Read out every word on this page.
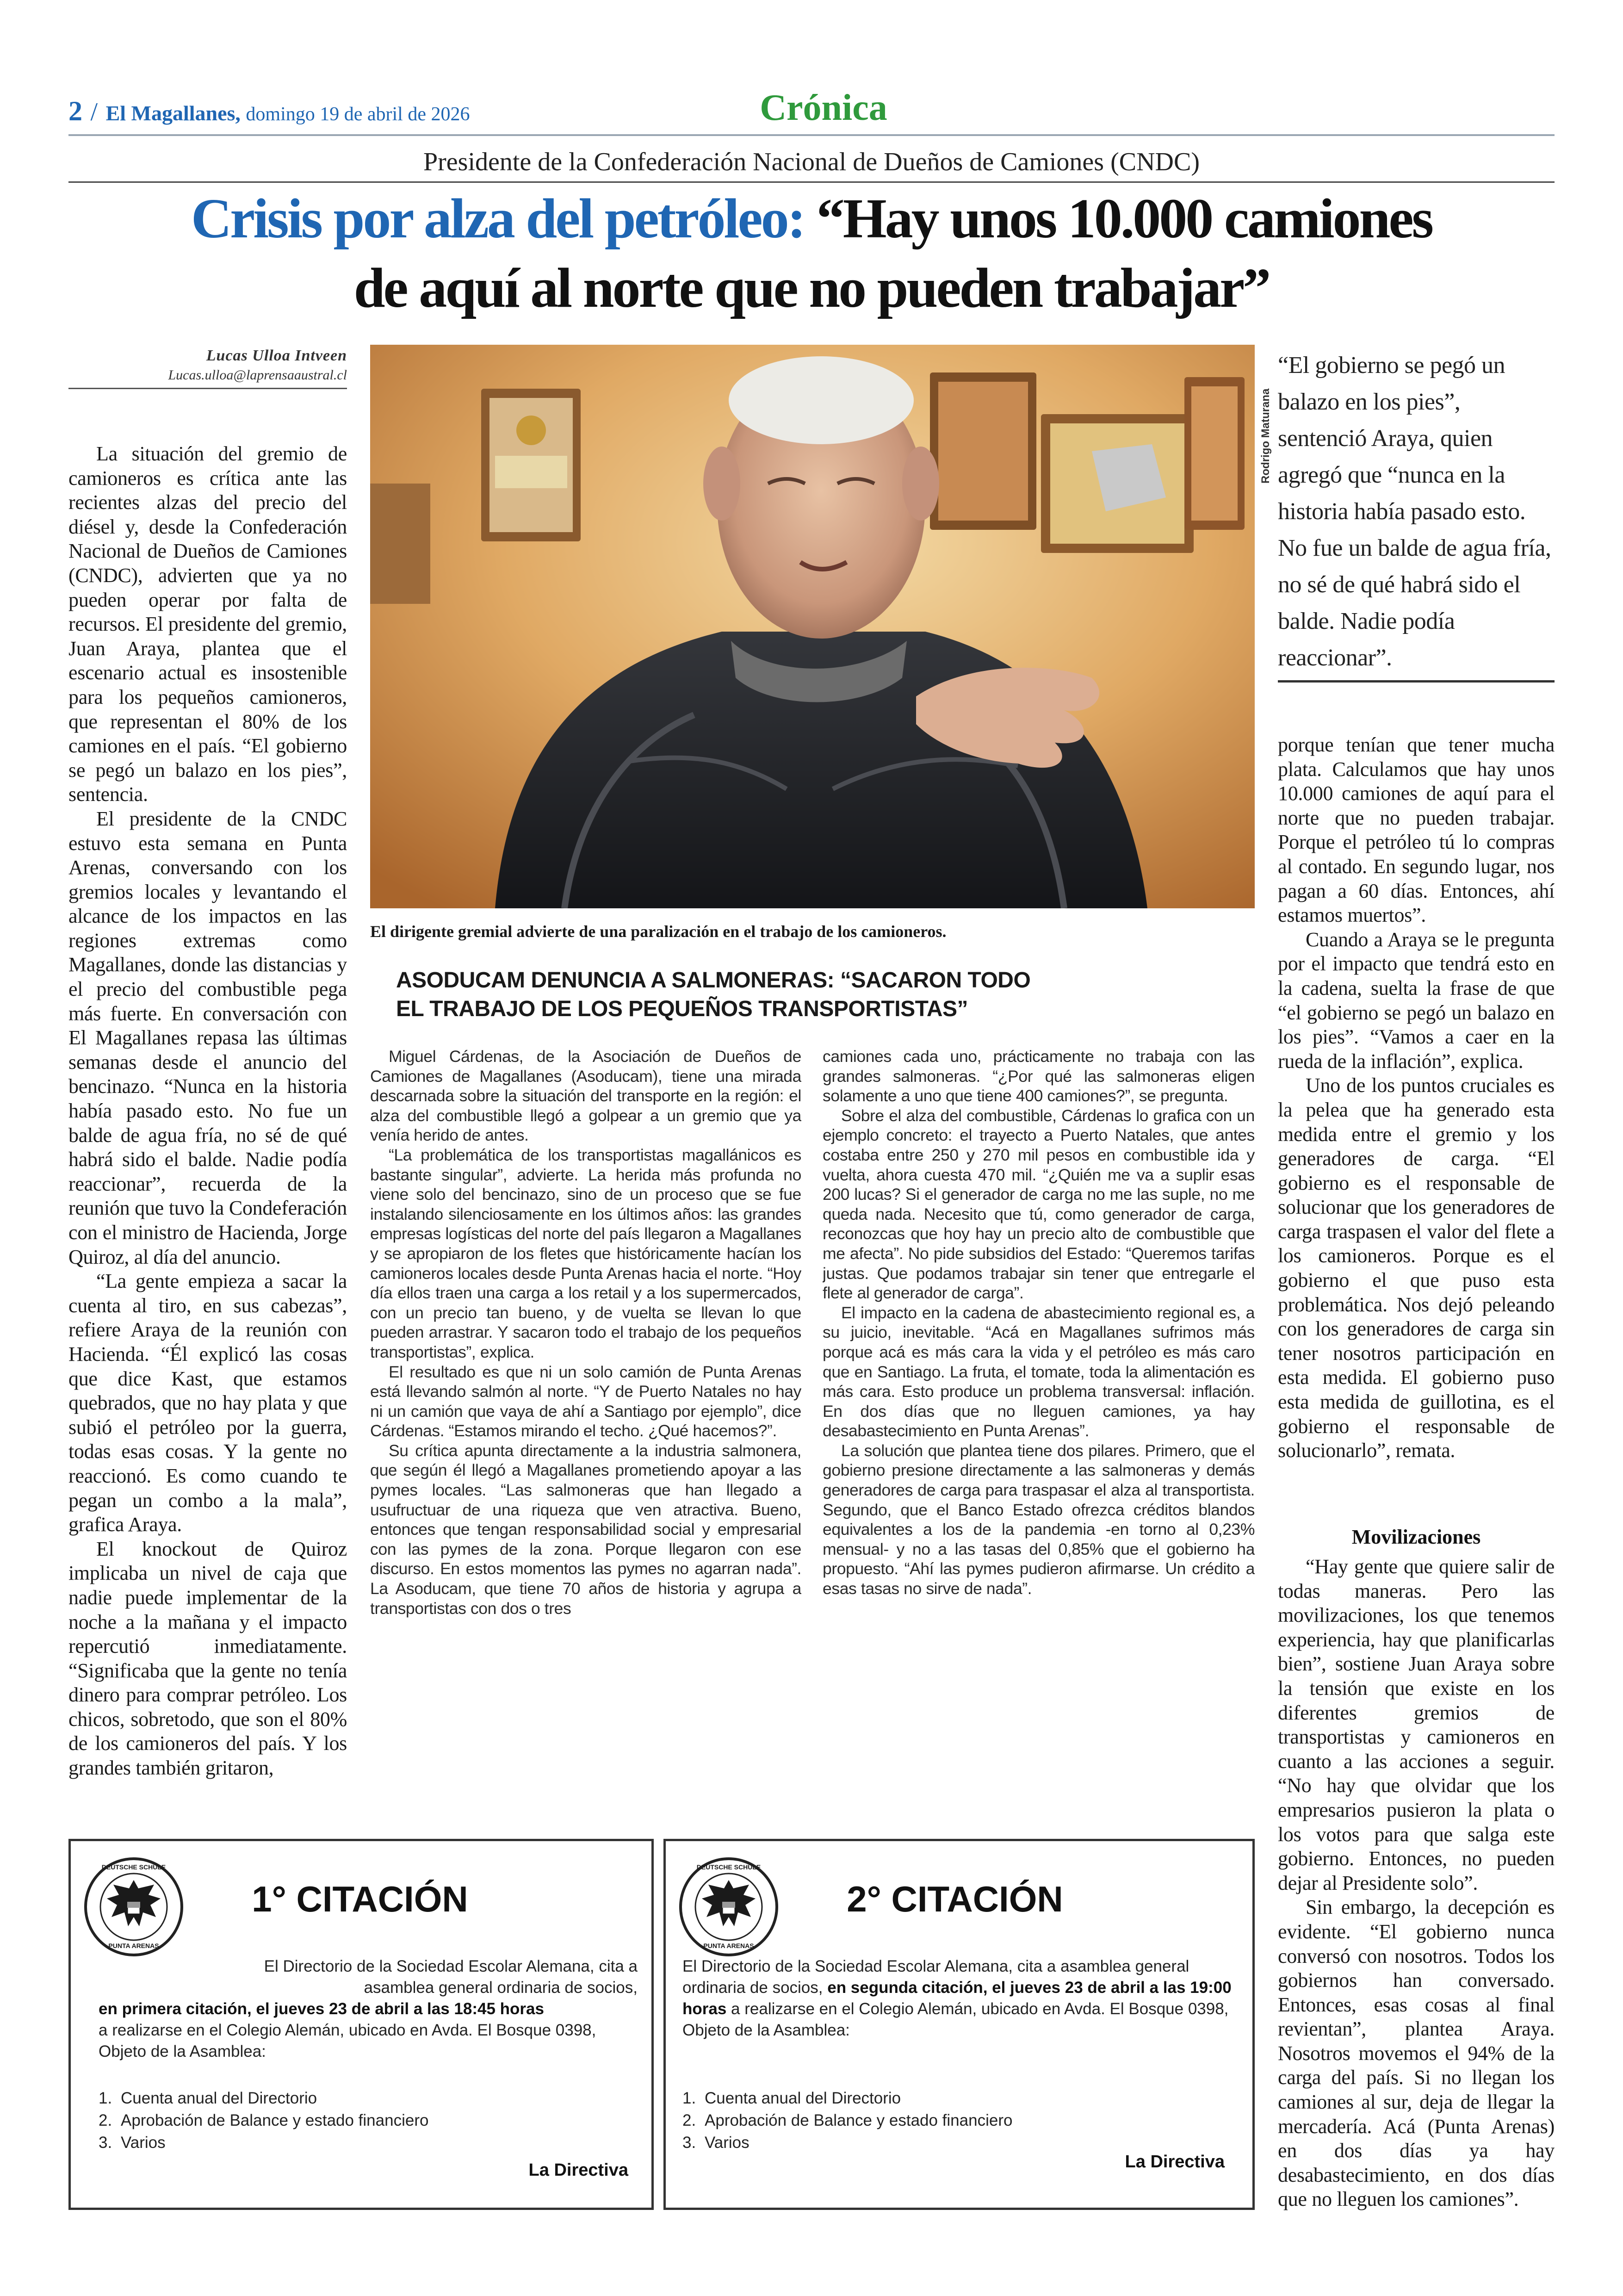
2 / El Magallanes, domingo 19 de abril de 2026	Crónica
Presidente de la Confederación Nacional de Dueños de Camiones (CNDC)
Crisis por alza del petróleo: “Hay unos 10.000 camiones
de aquí al norte que no pueden trabajar”
Lucas Ulloa Intveen
Lucas.ulloa@laprensaaustral.cl

La situación del gremio de camioneros es crítica ante las recientes alzas del precio del diésel y, desde la Confederación Nacional de Dueños de Camiones (CNDC), advierten que ya no pueden operar por falta de recursos. El presidente del gremio, Juan Araya, plantea que el escenario actual es insostenible para los pequeños camioneros, que representan el 80% de los camiones en el país. “El gobierno se pegó un balazo en los pies”, sentencia.

El presidente de la CNDC estuvo esta semana en Punta Arenas, conversando con los gremios locales y levantando el alcance de los impactos en las regiones extremas como Magallanes, donde las distancias y el precio del combustible pega más fuerte. En conversación con El Magallanes repasa las últimas semanas desde el anuncio del bencinazo. “Nunca en la historia había pasado esto. No fue un balde de agua fría, no sé de qué habrá sido el balde. Nadie podía reaccionar”, recuerda de la reunión que tuvo la Condeferación con el ministro de Hacienda, Jorge Quiroz, al día del anuncio.

“La gente empieza a sacar la cuenta al tiro, en sus cabezas”, refiere Araya de la reunión con Hacienda. “Él explicó las cosas que dice Kast, que estamos quebrados, que no hay plata y que subió el petróleo por la guerra, todas esas cosas. Y la gente no reaccionó. Es como cuando te pegan un combo a la mala”, grafica Araya.

El knockout de Quiroz implicaba un nivel de caja que nadie puede implementar de la noche a la mañana y el impacto repercutió inmediatamente. “Significaba que la gente no tenía dinero para comprar petróleo. Los chicos, sobretodo, que son el 80% de los camioneros del país. Y los grandes también gritaron,

Rodrigo Maturana
El dirigente gremial advierte de una paralización en el trabajo de los camioneros.
“El gobierno se pegó un balazo en los pies”, sentenció Araya, quien agregó que “nunca en la historia había pasado esto. No fue un balde de agua fría, no sé de qué habrá sido el balde. Nadie podía reaccionar”.
ASODUCAM DENUNCIA A SALMONERAS: “SACARON TODO
EL TRABAJO DE LOS PEQUEÑOS TRANSPORTISTAS”

Miguel Cárdenas, de la Asociación de Dueños de Camiones de Magallanes (Asoducam), tiene una mirada descarnada sobre la situación del transporte en la región: el alza del combustible llegó a golpear a un gremio que ya venía herido de antes.

“La problemática de los transportistas magallánicos es bastante singular”, advierte. La herida más profunda no viene solo del bencinazo, sino de un proceso que se fue instalando silenciosamente en los últimos años: las grandes empresas logísticas del norte del país llegaron a Magallanes y se apropiaron de los fletes que históricamente hacían los camioneros locales desde Punta Arenas hacia el norte. “Hoy día ellos traen una carga a los retail y a los supermercados, con un precio tan bueno, y de vuelta se llevan lo que pueden arrastrar. Y sacaron todo el trabajo de los pequeños transportistas”, explica.

El resultado es que ni un solo camión de Punta Arenas está llevando salmón al norte. “Y de Puerto Natales no hay ni un camión que vaya de ahí a Santiago por ejemplo”, dice Cárdenas. “Estamos mirando el techo. ¿Qué hacemos?”.

Su crítica apunta directamente a la industria salmonera, que según él llegó a Magallanes prometiendo apoyar a las pymes locales. “Las salmoneras que han llegado a usufructuar de una riqueza que ven atractiva. Bueno, entonces que tengan responsabilidad social y empresarial con las pymes de la zona. Porque llegaron con ese discurso. En estos momentos las pymes no agarran nada”. La Asoducam, que tiene 70 años de historia y agrupa a transportistas con dos o tres

camiones cada uno, prácticamente no trabaja con las grandes salmoneras. “¿Por qué las salmoneras eligen solamente a uno que tiene 400 camiones?”, se pregunta.

Sobre el alza del combustible, Cárdenas lo grafica con un ejemplo concreto: el trayecto a Puerto Natales, que antes costaba entre 250 y 270 mil pesos en combustible ida y vuelta, ahora cuesta 470 mil. “¿Quién me va a suplir esas 200 lucas? Si el generador de carga no me las suple, no me queda nada. Necesito que tú, como generador de carga, reconozcas que hoy hay un precio alto de combustible que me afecta”. No pide subsidios del Estado: “Queremos tarifas justas. Que podamos trabajar sin tener que entregarle el flete al generador de carga”.

El impacto en la cadena de abastecimiento regional es, a su juicio, inevitable. “Acá en Magallanes sufrimos más porque acá es más cara la vida y el petróleo es más caro que en Santiago. La fruta, el tomate, toda la alimentación es más cara. Esto produce un problema transversal: inflación. En dos días que no lleguen camiones, ya hay desabastecimiento en Punta Arenas”.

La solución que plantea tiene dos pilares. Primero, que el gobierno presione directamente a las salmoneras y demás generadores de carga para traspasar el alza al transportista. Segundo, que el Banco Estado ofrezca créditos blandos equivalentes a los de la pandemia -en torno al 0,23% mensual- y no a las tasas del 0,85% que el gobierno ha propuesto. “Ahí las pymes pudieron afirmarse. Un crédito a esas tasas no sirve de nada”.

porque tenían que tener mucha plata. Calculamos que hay unos 10.000 camiones de aquí para el norte que no pueden trabajar. Porque el petróleo tú lo compras al contado. En segundo lugar, nos pagan a 60 días. Entonces, ahí estamos muertos”.

Cuando a Araya se le pregunta por el impacto que tendrá esto en la cadena, suelta la frase de que “el gobierno se pegó un balazo en los pies”. “Vamos a caer en la rueda de la inflación”, explica.

Uno de los puntos cruciales es la pelea que ha generado esta medida entre el gremio y los generadores de carga. “El gobierno es el responsable de solucionar que los generadores de carga traspasen el valor del flete a los camioneros. Porque es el gobierno el que puso esta problemática. Nos dejó peleando con los generadores de carga sin tener nosotros participación en esta medida. El gobierno puso esta medida de guillotina, es el gobierno el responsable de solucionarlo”, remata.

Movilizaciones

“Hay gente que quiere salir de todas maneras. Pero las movilizaciones, los que tenemos experiencia, hay que planificarlas bien”, sostiene Juan Araya sobre la tensión que existe en los diferentes gremios de transportistas y camioneros en cuanto a las acciones a seguir. “No hay que olvidar que los empresarios pusieron la plata o los votos para que salga este gobierno. Entonces, no pueden dejar al Presidente solo”.

Sin embargo, la decepción es evidente. “El gobierno nunca conversó con nosotros. Todos los gobiernos han conversado. Entonces, esas cosas al final revientan”, plantea Araya. Nosotros movemos el 94% de la carga del país. Si no llegan los camiones al sur, deja de llegar la mercadería. Acá (Punta Arenas) en dos días ya hay desabastecimiento, en dos días que no lleguen los camiones”.

DEUTSCHE SCHULE
PUNTA ARENAS
1° CITACIÓN
El Directorio de la Sociedad Escolar Alemana, cita a asamblea general ordinaria de socios,
en primera citación, el jueves 23 de abril a las 18:45 horas
a realizarse en el Colegio Alemán, ubicado en Avda. El Bosque 0398, Objeto de la Asamblea:
1. Cuenta anual del Directorio
2. Aprobación de Balance y estado financiero
3. Varios
La Directiva
DEUTSCHE SCHULE
PUNTA ARENAS
2° CITACIÓN
El Directorio de la Sociedad Escolar Alemana, cita a asamblea general ordinaria de socios, en segunda citación, el jueves 23 de abril a las 19:00 horas a realizarse en el Colegio Alemán, ubicado en Avda. El Bosque 0398, Objeto de la Asamblea:
1. Cuenta anual del Directorio
2. Aprobación de Balance y estado financiero
3. Varios
La Directiva
